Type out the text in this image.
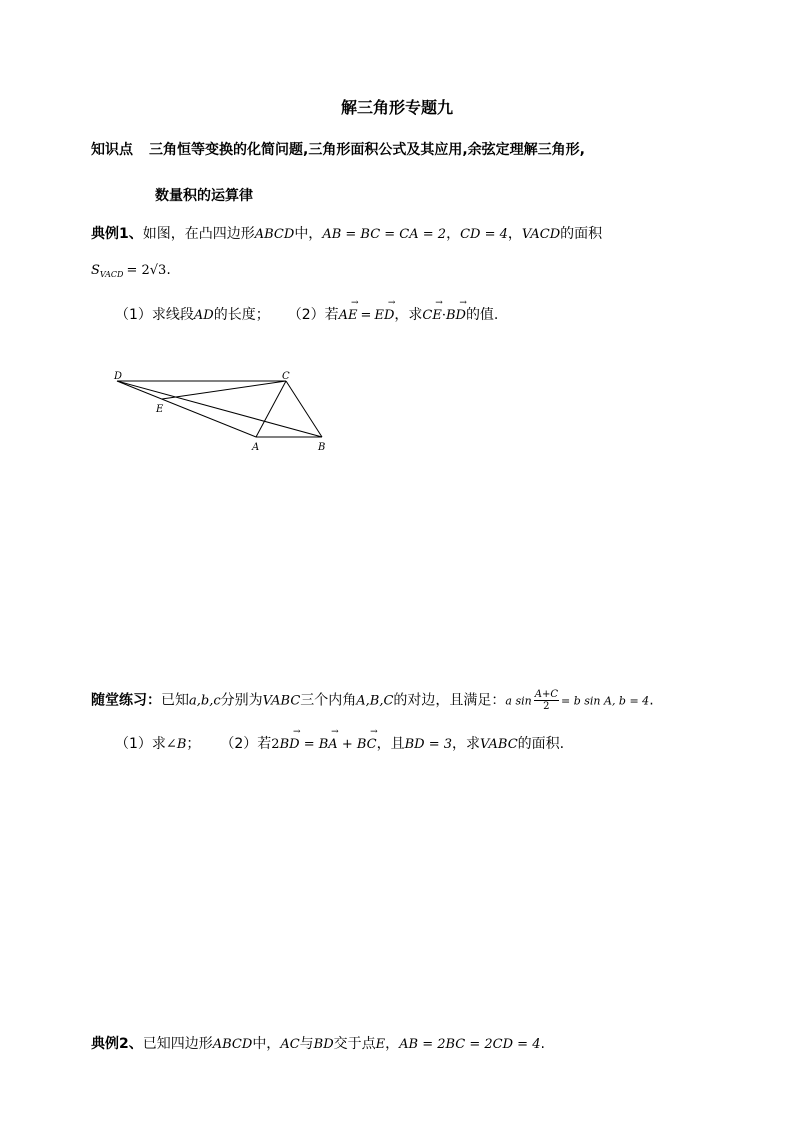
解三角形专题九
知识点 三角恒等变换的化简问题,三角形面积公式及其应用,余弦定理解三角形,
数量积的运算律
典例1、如图，在凸四边形ABCD中，AB = BC = CA = 2，CD = 4，VACD的面积
$S_{VACD} = 2√3$.
（1）求线段AD的长度； （2）若→ AE =→ ED，求→ CE·→ BD的值.
D	C
E
A	B
随堂练习：已知a,b,c分别为VABC三个内角A,B,C的对边，且满足：a $\sin \frac{A+C}{2} = b$ sin A, b = 4.
（1）求∠B； （2）若2→ BD = → BA + → BC，且BD = 3，求VABC的面积.
典例2、已知四边形ABCD中，AC与BD交于点E，AB = 2BC = 2CD = 4.
